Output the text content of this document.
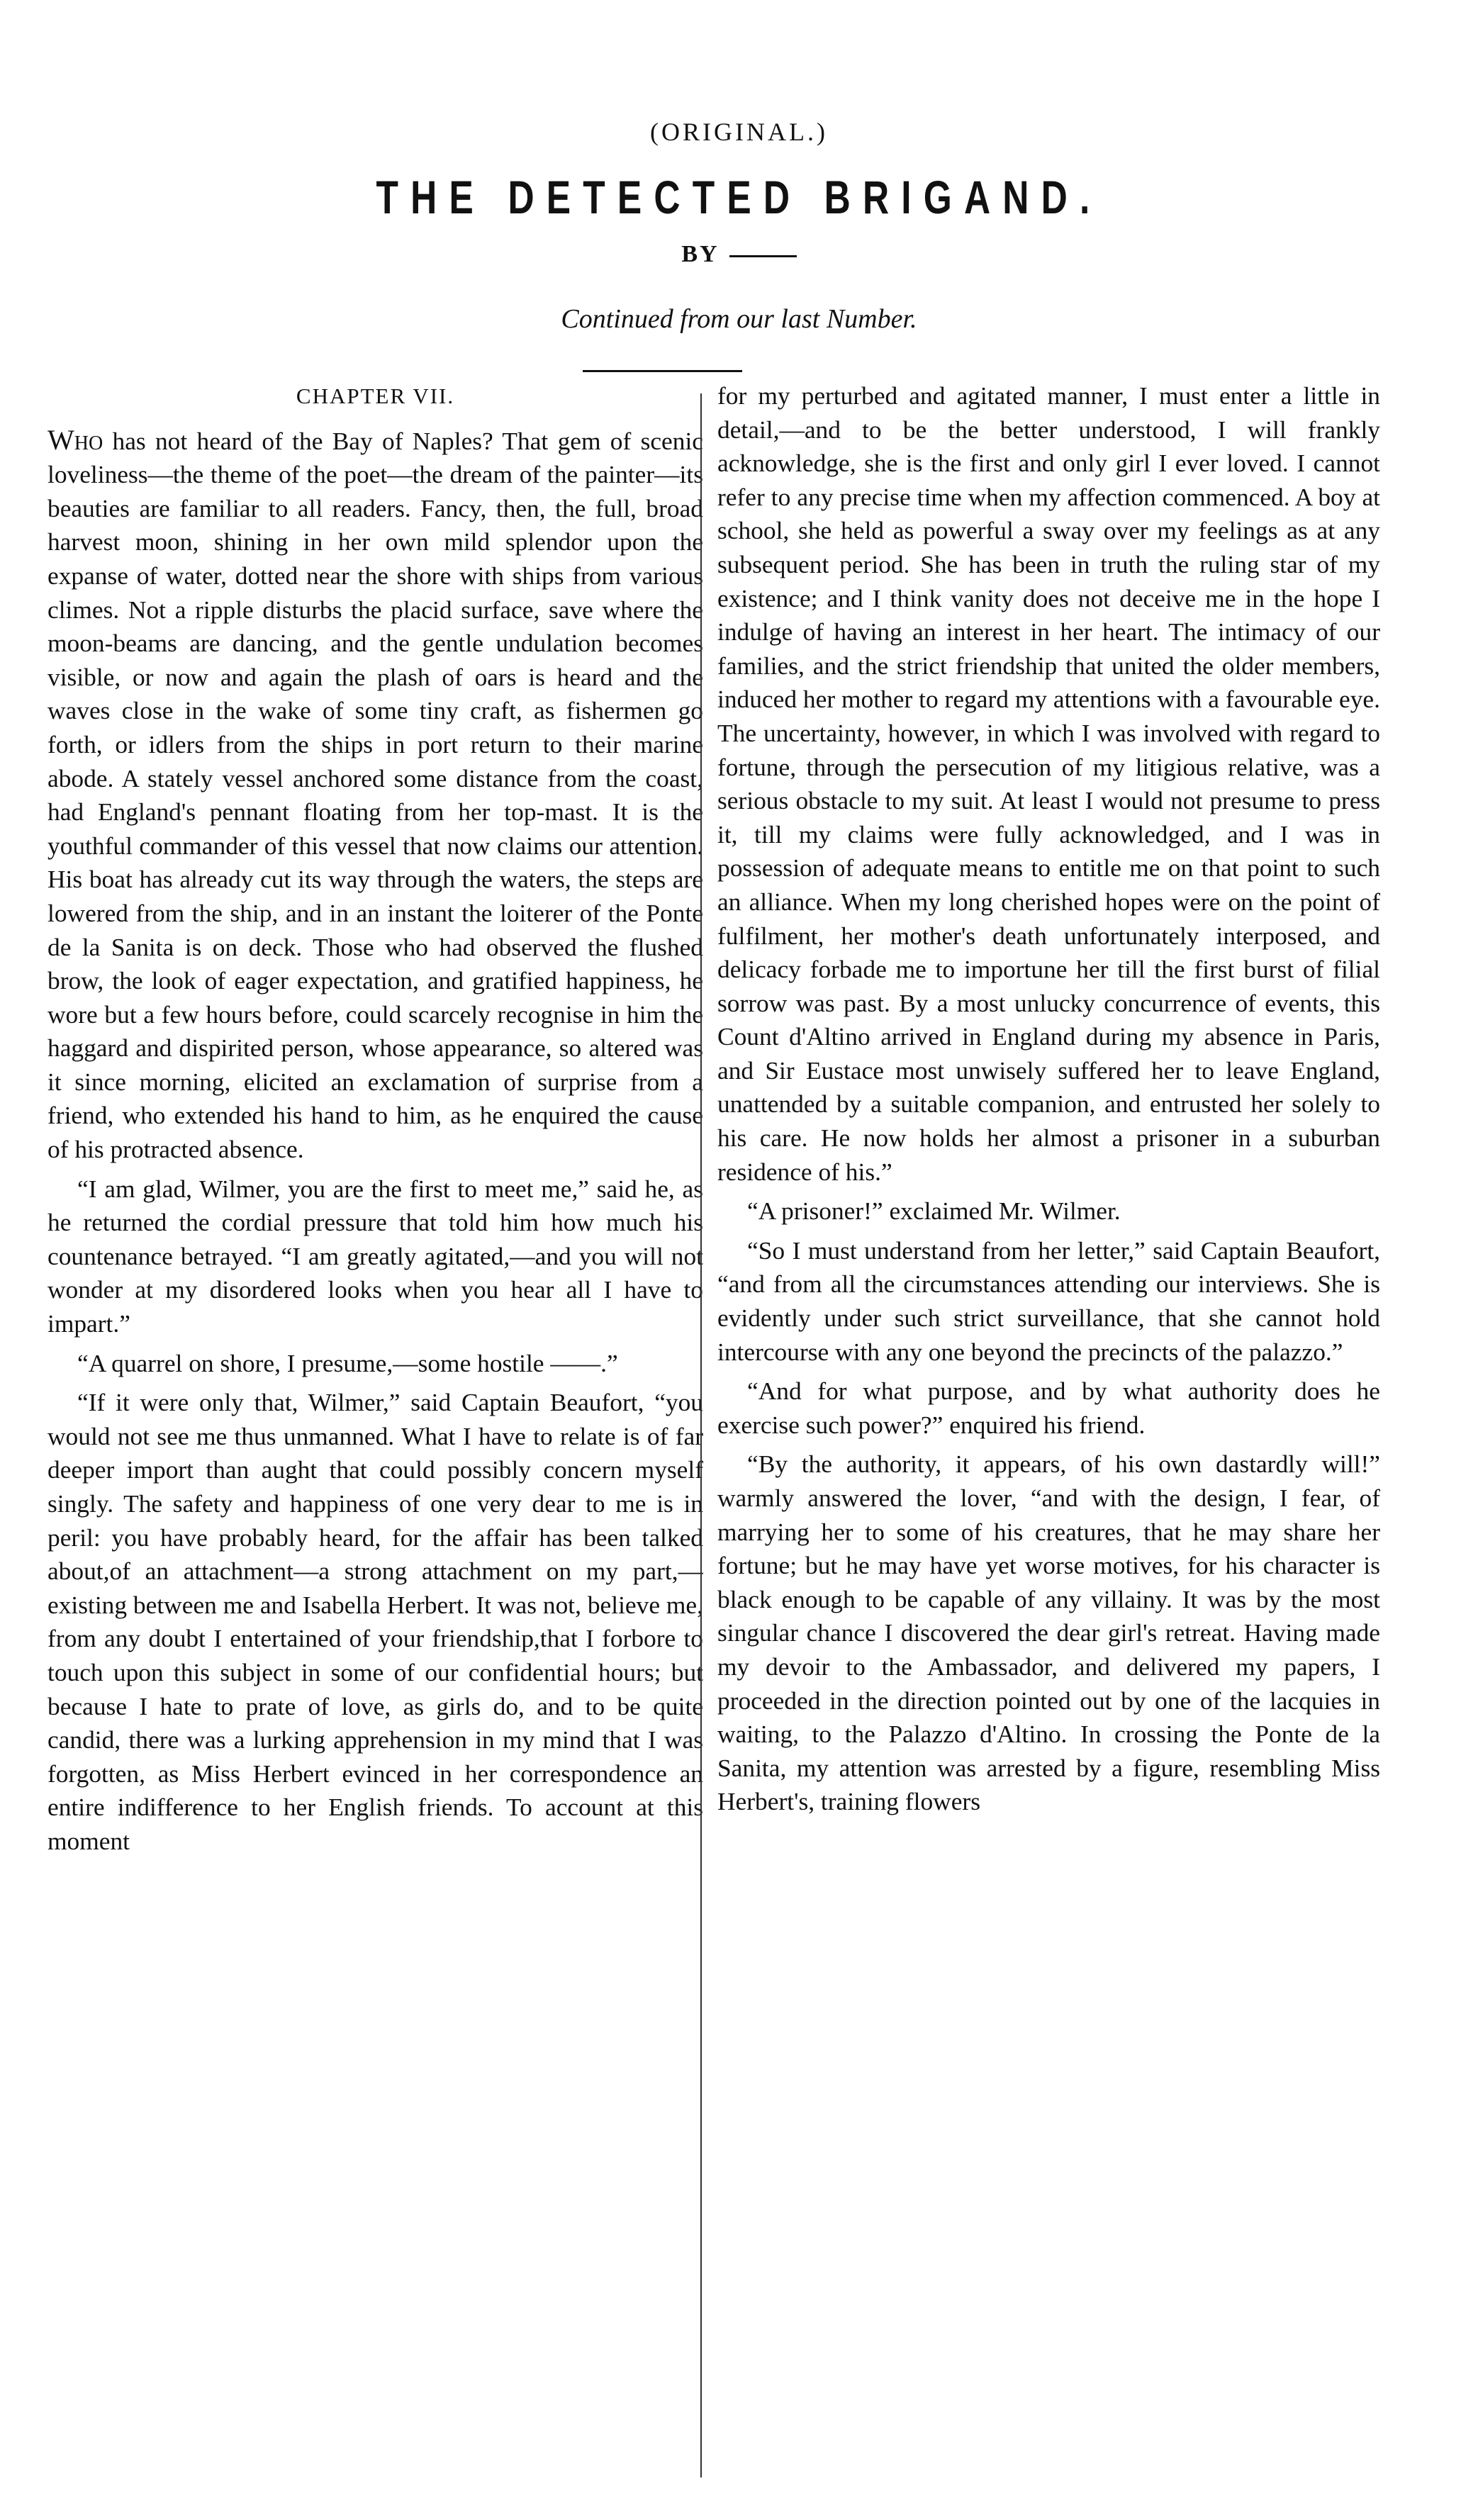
(ORIGINAL.)
THE DETECTED BRIGAND.
BY
Continued from our last Number.
CHAPTER VII.

Who has not heard of the Bay of Naples? That gem of scenic loveliness—the theme of the poet—the dream of the painter—its beauties are familiar to all readers. Fancy, then, the full, broad harvest moon, shining in her own mild splendor upon the expanse of water, dotted near the shore with ships from various climes. Not a ripple disturbs the placid surface, save where the moon-beams are dancing, and the gentle undulation becomes visible, or now and again the plash of oars is heard and the waves close in the wake of some tiny craft, as fishermen go forth, or idlers from the ships in port return to their marine abode. A stately vessel anchored some distance from the coast, had England's pennant floating from her top-mast. It is the youthful commander of this vessel that now claims our attention. His boat has already cut its way through the waters, the steps are lowered from the ship, and in an instant the loiterer of the Ponte de la Sanita is on deck. Those who had observed the flushed brow, the look of eager expectation, and gratified happiness, he wore but a few hours before, could scarcely recognise in him the haggard and dispirited person, whose appearance, so altered was it since morning, elicited an exclamation of surprise from a friend, who extended his hand to him, as he enquired the cause of his protracted absence.

“I am glad, Wilmer, you are the first to meet me,” said he, as he returned the cordial pressure that told him how much his countenance betrayed. “I am greatly agitated,—and you will not wonder at my disordered looks when you hear all I have to impart.”

“A quarrel on shore, I presume,—some hostile ——.”

“If it were only that, Wilmer,” said Captain Beaufort, “you would not see me thus unmanned. What I have to relate is of far deeper import than aught that could possibly concern myself singly. The safety and happiness of one very dear to me is in peril: you have probably heard, for the affair has been talked about,of an attachment—a strong attachment on my part,—existing between me and Isabella Herbert. It was not, believe me, from any doubt I entertained of your friendship,that I forbore to touch upon this subject in some of our confidential hours; but because I hate to prate of love, as girls do, and to be quite candid, there was a lurking apprehension in my mind that I was forgotten, as Miss Herbert evinced in her correspondence an entire indifference to her English friends. To account at this moment

for my perturbed and agitated manner, I must enter a little in detail,—and to be the better understood, I will frankly acknowledge, she is the first and only girl I ever loved. I cannot refer to any precise time when my affection commenced. A boy at school, she held as powerful a sway over my feelings as at any subsequent period. She has been in truth the ruling star of my existence; and I think vanity does not deceive me in the hope I indulge of having an interest in her heart. The intimacy of our families, and the strict friendship that united the older members, induced her mother to regard my attentions with a favourable eye. The uncertainty, however, in which I was involved with regard to fortune, through the persecution of my litigious relative, was a serious obstacle to my suit. At least I would not presume to press it, till my claims were fully acknowledged, and I was in possession of adequate means to entitle me on that point to such an alliance. When my long cherished hopes were on the point of fulfilment, her mother's death unfortunately interposed, and delicacy forbade me to importune her till the first burst of filial sorrow was past. By a most unlucky concurrence of events, this Count d'Altino arrived in England during my absence in Paris, and Sir Eustace most unwisely suffered her to leave England, unattended by a suitable companion, and entrusted her solely to his care. He now holds her almost a prisoner in a suburban residence of his.”

“A prisoner!” exclaimed Mr. Wilmer.

“So I must understand from her letter,” said Captain Beaufort, “and from all the circumstances attending our interviews. She is evidently under such strict surveillance, that she cannot hold intercourse with any one beyond the precincts of the palazzo.”

“And for what purpose, and by what authority does he exercise such power?” enquired his friend.

“By the authority, it appears, of his own dastardly will!” warmly answered the lover, “and with the design, I fear, of marrying her to some of his creatures, that he may share her fortune; but he may have yet worse motives, for his character is black enough to be capable of any villainy. It was by the most singular chance I discovered the dear girl's retreat. Having made my devoir to the Ambassador, and delivered my papers, I proceeded in the direction pointed out by one of the lacquies in waiting, to the Palazzo d'Altino. In crossing the Ponte de la Sanita, my attention was arrested by a figure, resembling Miss Herbert's, training flowers
